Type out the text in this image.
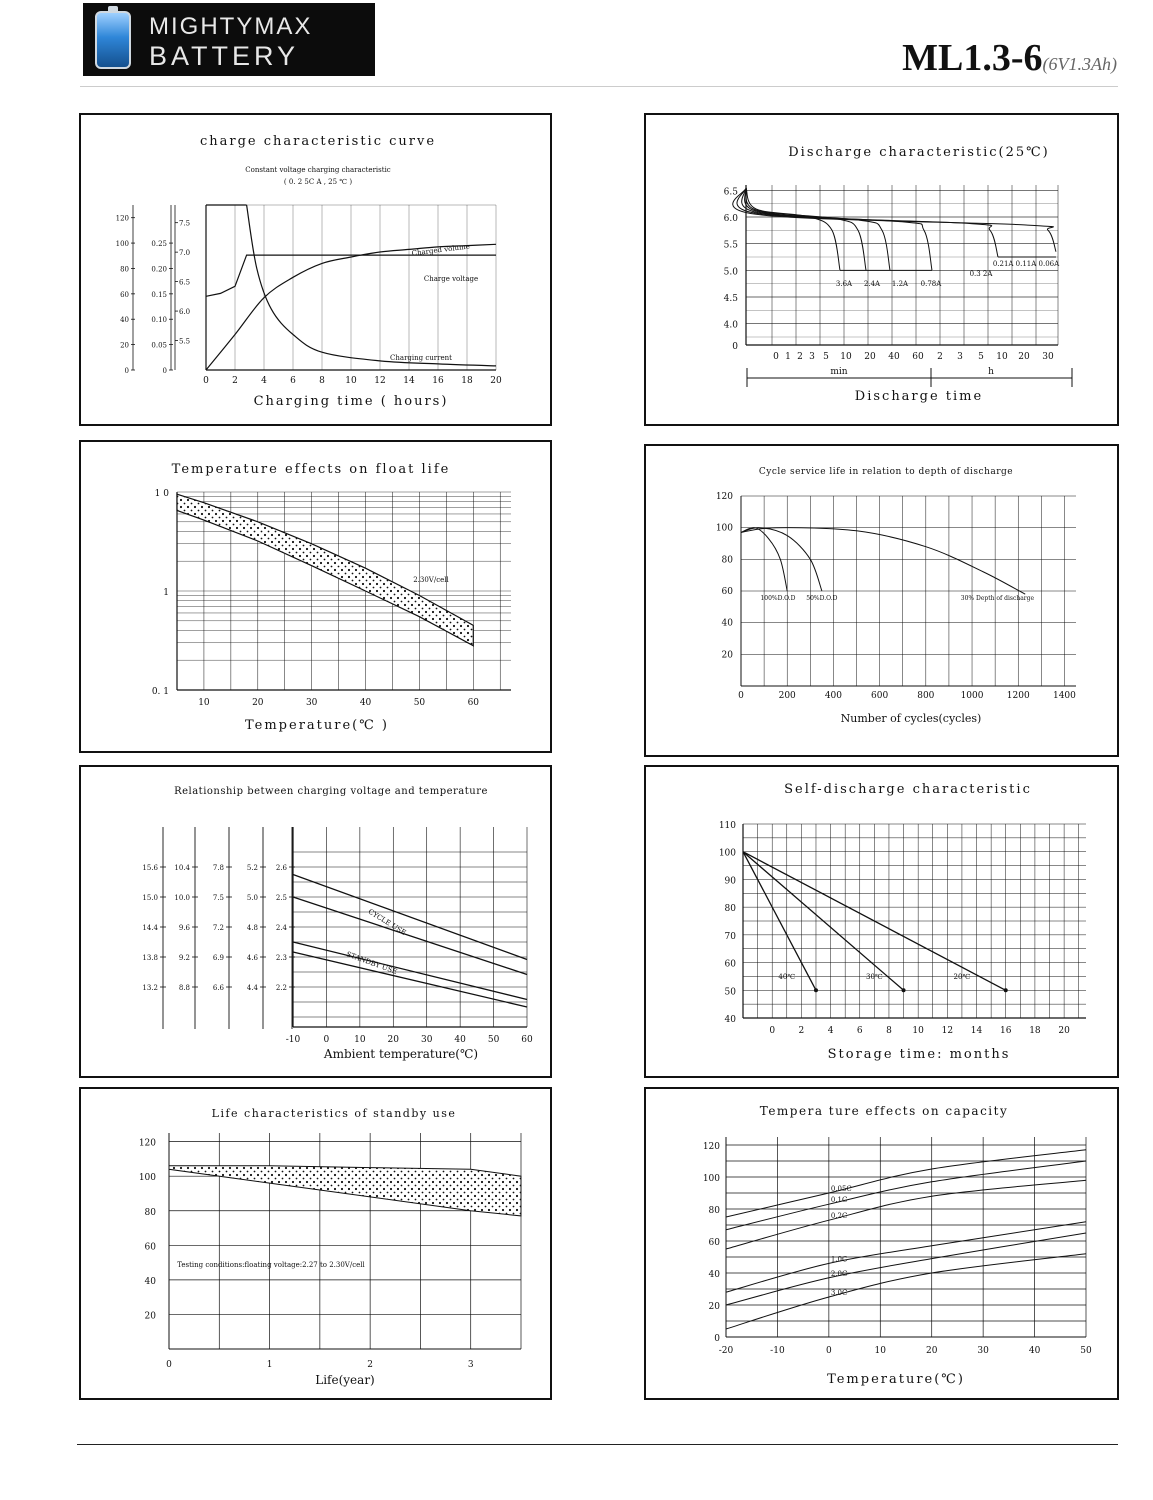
MIGHTYMAX
BATTERY	ML1.3-6(6V1.3Ah)
charge characteristic curve
Constant voltage charging characteristic
( 0. 2 5C A , 25 ℃ )
0	2	4	6	8 10 12 14 16 18 20
Charging time ( hours)
0
20
40
60
80
100
120
0
0.05
0.10
0.15
0.20
0.25
5.5
6.0
6.5
7.0
7.5
Charged volume
Charge voltage
Charging current
Discharge characteristic(25℃)
0
4.0
4.5
5.0
5.5
6.0
6.5
0 1 2 3 5 10 20 40 60 2 3 5 10 20 30
min	h
Discharge time
3.6A 2.4A 1.2A 0.78A
0.3 2A
0.21A 0.11A 0.06A
Temperature effects on float life
0. 1
1
1 0
10	20	30	40	50	60
Temperature(℃ )
2.30V/cell
Cycle service life in relation to depth of discharge
20
40
60
80
100
120
0	200	400	600	800	1000	1200	1400
Number of cycles(cycles)
100%D.O.D 50%D.O.D	30% Depth of discharge
Relationship between charging voltage and temperature
-10	0	10 20 30 40 50 60
Ambient temperature(℃)
15.6
15.0
14.4
13.8
13.2
10.4
10.0
9.6
9.2
8.8
7.8
7.5
7.2
6.9
6.6
5.2
5.0
4.8
4.6
4.4
2.6
2.5
2.4
2.3
2.2
CYCLE USE
STANDBY USE
Self-discharge characteristic
40
50
60
70
80
90
100
110
0	2	4	6	8 10 12 14 16 18 20
Storage time: months
40℃	30℃	20℃
Life characteristics of standby use
20
40
60
80
100
120
0	1	2	3
Life(year)
Testing conditions:floating voltage:2.27 to 2.30V/cell
Tempera ture effects on capacity
0
20
40
60
80
100
120
-20	-10	0	10	20	30	40	50
Temperature(℃)
0.05C
0.1C
0.2C
1.0C
2.0C
3.0C
